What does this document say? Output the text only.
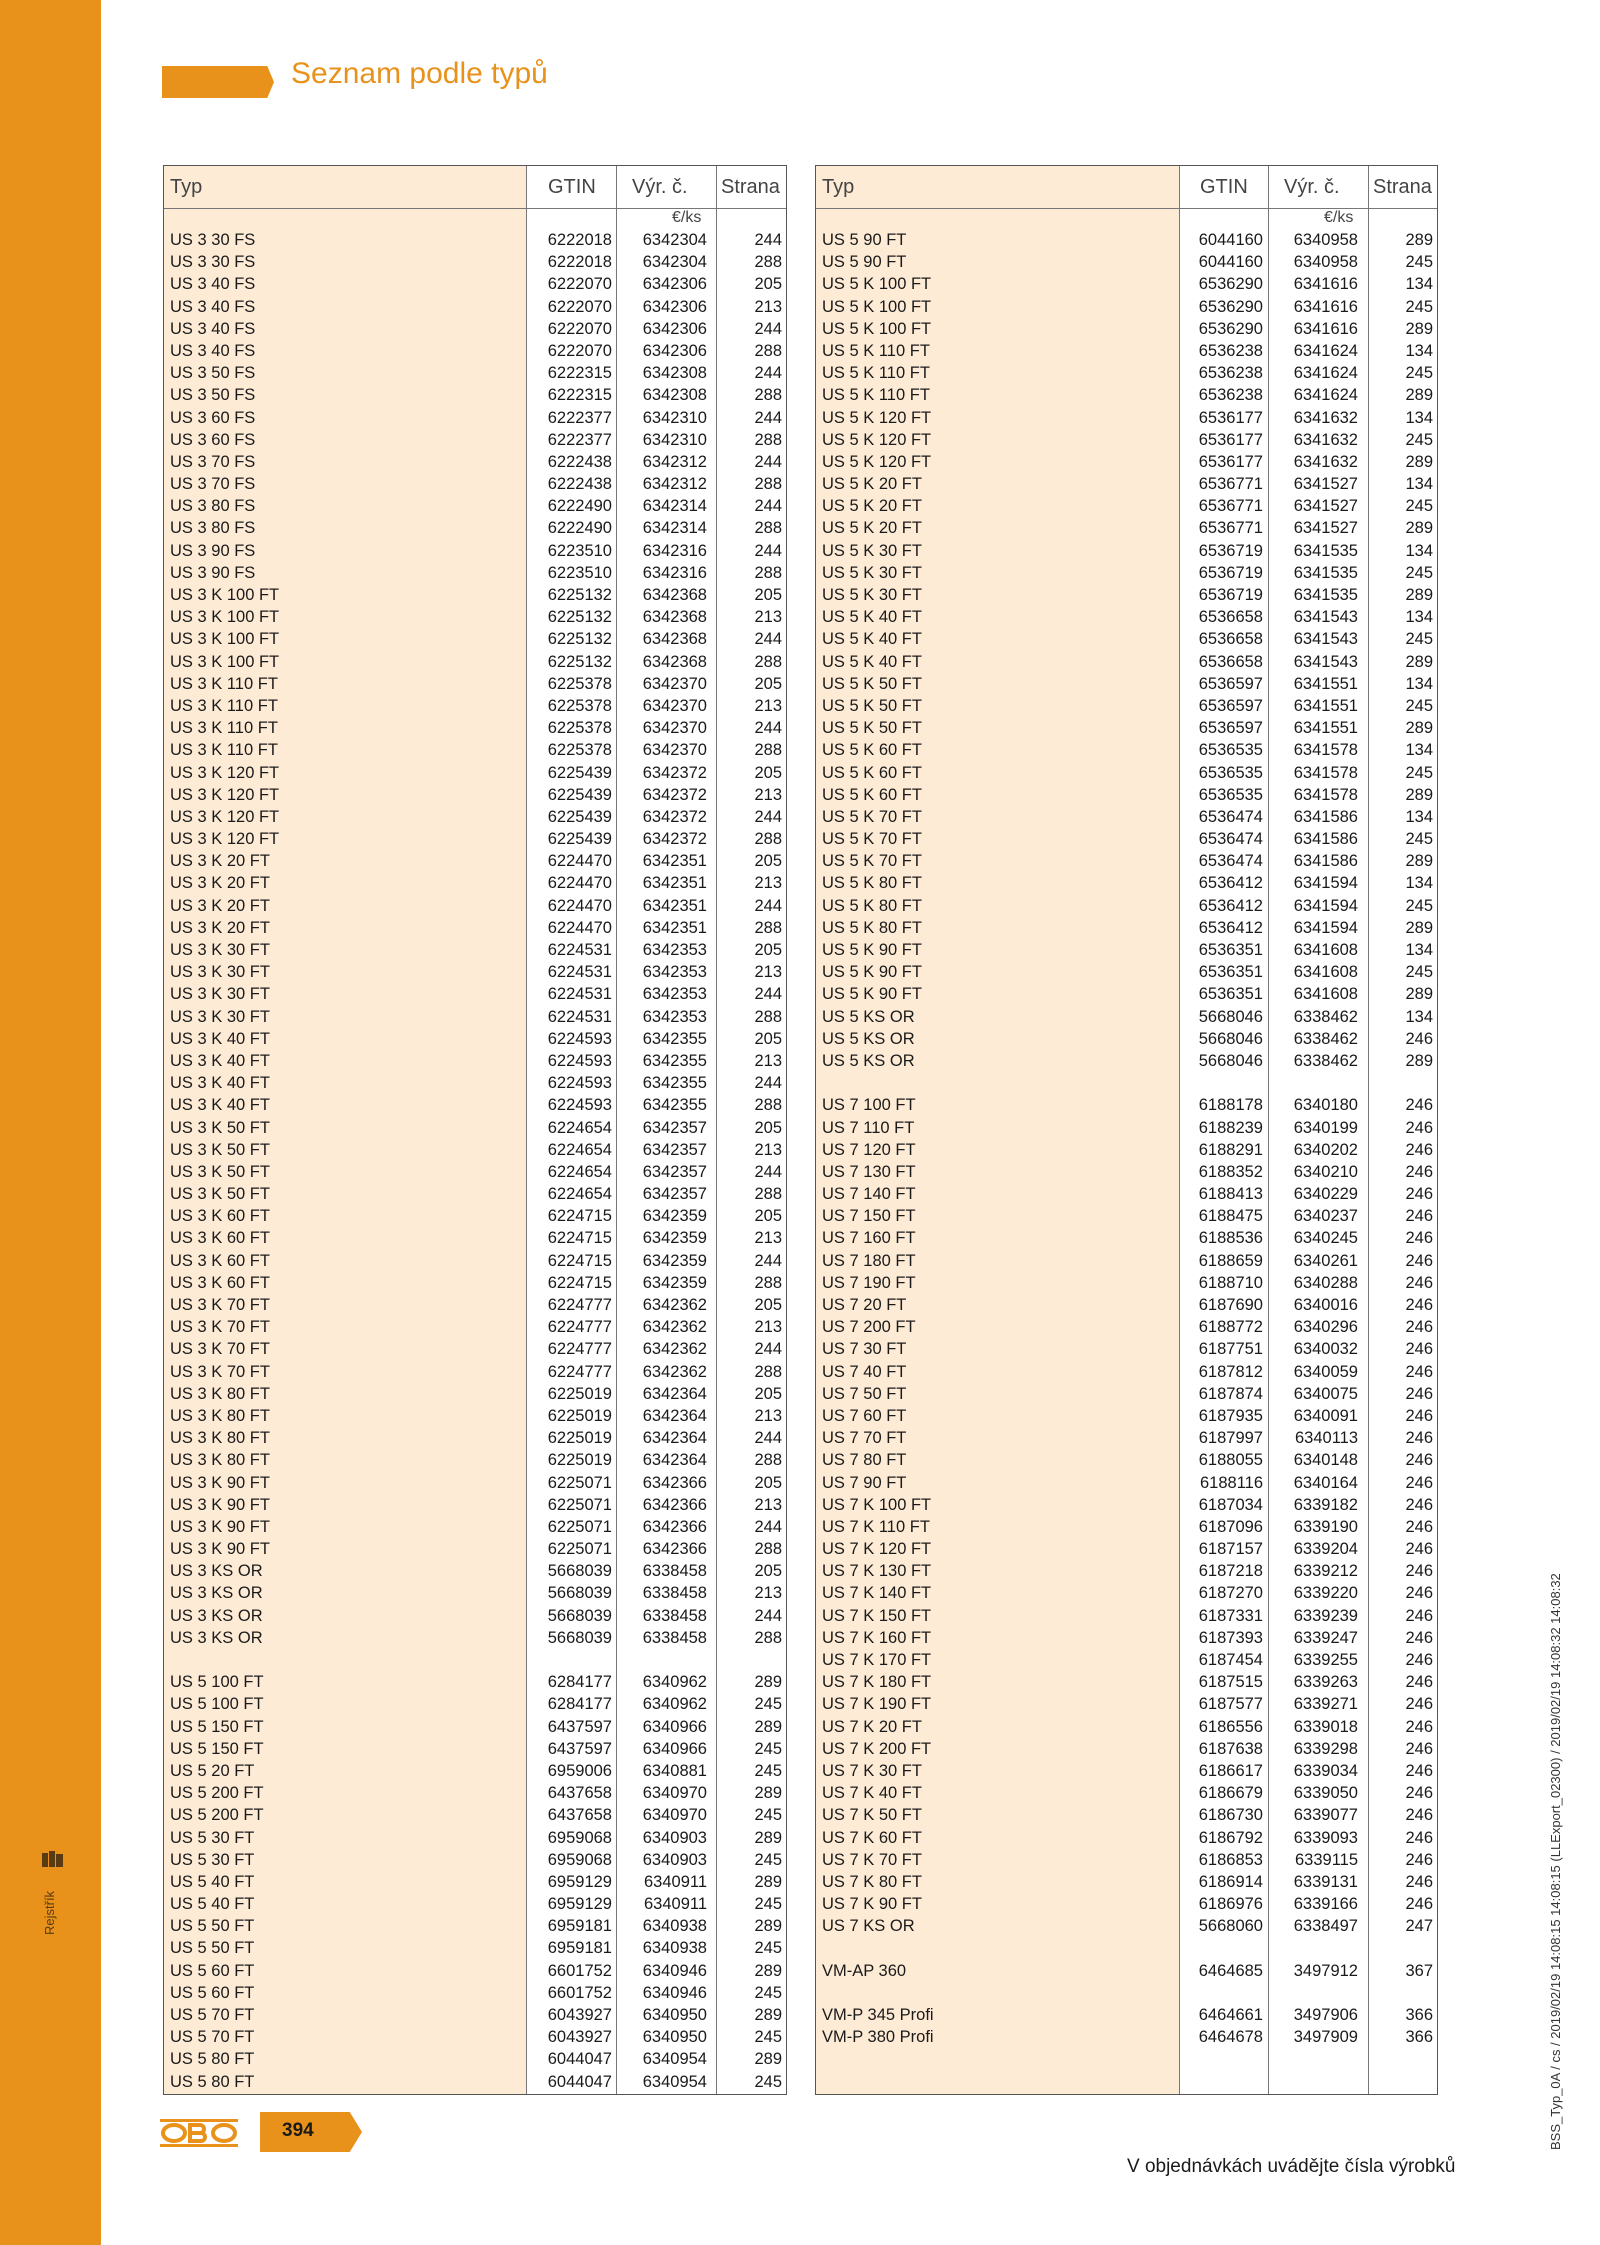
Rejstřík
Seznam podle typů
Typ	GTIN Výr. č. Strana
€/ks
US 3 30 FS	6222018 6342304	244
US 3 30 FS	6222018 6342304	288
US 3 40 FS	6222070 6342306	205
US 3 40 FS	6222070 6342306	213
US 3 40 FS	6222070 6342306	244
US 3 40 FS	6222070 6342306	288
US 3 50 FS	6222315 6342308	244
US 3 50 FS	6222315 6342308	288
US 3 60 FS	6222377 6342310	244
US 3 60 FS	6222377 6342310	288
US 3 70 FS	6222438 6342312	244
US 3 70 FS	6222438 6342312	288
US 3 80 FS	6222490 6342314	244
US 3 80 FS	6222490 6342314	288
US 3 90 FS	6223510 6342316	244
US 3 90 FS	6223510 6342316	288
US 3 K 100 FT	6225132 6342368	205
US 3 K 100 FT	6225132 6342368	213
US 3 K 100 FT	6225132 6342368	244
US 3 K 100 FT	6225132 6342368	288
US 3 K 110 FT	6225378 6342370	205
US 3 K 110 FT	6225378 6342370	213
US 3 K 110 FT	6225378 6342370	244
US 3 K 110 FT	6225378 6342370	288
US 3 K 120 FT	6225439 6342372	205
US 3 K 120 FT	6225439 6342372	213
US 3 K 120 FT	6225439 6342372	244
US 3 K 120 FT	6225439 6342372	288
US 3 K 20 FT	6224470 6342351	205
US 3 K 20 FT	6224470 6342351	213
US 3 K 20 FT	6224470 6342351	244
US 3 K 20 FT	6224470 6342351	288
US 3 K 30 FT	6224531 6342353	205
US 3 K 30 FT	6224531 6342353	213
US 3 K 30 FT	6224531 6342353	244
US 3 K 30 FT	6224531 6342353	288
US 3 K 40 FT	6224593 6342355	205
US 3 K 40 FT	6224593 6342355	213
US 3 K 40 FT	6224593 6342355	244
US 3 K 40 FT	6224593 6342355	288
US 3 K 50 FT	6224654 6342357	205
US 3 K 50 FT	6224654 6342357	213
US 3 K 50 FT	6224654 6342357	244
US 3 K 50 FT	6224654 6342357	288
US 3 K 60 FT	6224715 6342359	205
US 3 K 60 FT	6224715 6342359	213
US 3 K 60 FT	6224715 6342359	244
US 3 K 60 FT	6224715 6342359	288
US 3 K 70 FT	6224777 6342362	205
US 3 K 70 FT	6224777 6342362	213
US 3 K 70 FT	6224777 6342362	244
US 3 K 70 FT	6224777 6342362	288
US 3 K 80 FT	6225019 6342364	205
US 3 K 80 FT	6225019 6342364	213
US 3 K 80 FT	6225019 6342364	244
US 3 K 80 FT	6225019 6342364	288
US 3 K 90 FT	6225071 6342366	205
US 3 K 90 FT	6225071 6342366	213
US 3 K 90 FT	6225071 6342366	244
US 3 K 90 FT	6225071 6342366	288
US 3 KS OR	5668039 6338458	205
US 3 KS OR	5668039 6338458	213
US 3 KS OR	5668039 6338458	244
US 3 KS OR	5668039 6338458	288
US 5 100 FT	6284177 6340962	289
US 5 100 FT	6284177 6340962	245
US 5 150 FT	6437597 6340966	289
US 5 150 FT	6437597 6340966	245
US 5 20 FT	6959006 6340881	245
US 5 200 FT	6437658 6340970	289
US 5 200 FT	6437658 6340970	245
US 5 30 FT	6959068 6340903	289
US 5 30 FT	6959068 6340903	245
US 5 40 FT	6959129 6340911	289
US 5 40 FT	6959129 6340911	245
US 5 50 FT	6959181 6340938	289
US 5 50 FT	6959181 6340938	245
US 5 60 FT	6601752 6340946	289
US 5 60 FT	6601752 6340946	245
US 5 70 FT	6043927 6340950	289
US 5 70 FT	6043927 6340950	245
US 5 80 FT	6044047 6340954	289
US 5 80 FT	6044047 6340954	245
Typ	GTIN Výr. č. Strana
€/ks
US 5 90 FT	6044160 6340958	289
US 5 90 FT	6044160 6340958	245
US 5 K 100 FT	6536290 6341616	134
US 5 K 100 FT	6536290 6341616	245
US 5 K 100 FT	6536290 6341616	289
US 5 K 110 FT	6536238 6341624	134
US 5 K 110 FT	6536238 6341624	245
US 5 K 110 FT	6536238 6341624	289
US 5 K 120 FT	6536177 6341632	134
US 5 K 120 FT	6536177 6341632	245
US 5 K 120 FT	6536177 6341632	289
US 5 K 20 FT	6536771 6341527	134
US 5 K 20 FT	6536771 6341527	245
US 5 K 20 FT	6536771 6341527	289
US 5 K 30 FT	6536719 6341535	134
US 5 K 30 FT	6536719 6341535	245
US 5 K 30 FT	6536719 6341535	289
US 5 K 40 FT	6536658 6341543	134
US 5 K 40 FT	6536658 6341543	245
US 5 K 40 FT	6536658 6341543	289
US 5 K 50 FT	6536597 6341551	134
US 5 K 50 FT	6536597 6341551	245
US 5 K 50 FT	6536597 6341551	289
US 5 K 60 FT	6536535 6341578	134
US 5 K 60 FT	6536535 6341578	245
US 5 K 60 FT	6536535 6341578	289
US 5 K 70 FT	6536474 6341586	134
US 5 K 70 FT	6536474 6341586	245
US 5 K 70 FT	6536474 6341586	289
US 5 K 80 FT	6536412 6341594	134
US 5 K 80 FT	6536412 6341594	245
US 5 K 80 FT	6536412 6341594	289
US 5 K 90 FT	6536351 6341608	134
US 5 K 90 FT	6536351 6341608	245
US 5 K 90 FT	6536351 6341608	289
US 5 KS OR	5668046 6338462	134
US 5 KS OR	5668046 6338462	246
US 5 KS OR	5668046 6338462	289
US 7 100 FT	6188178 6340180	246
US 7 110 FT	6188239 6340199	246
US 7 120 FT	6188291 6340202	246
US 7 130 FT	6188352 6340210	246
US 7 140 FT	6188413 6340229	246
US 7 150 FT	6188475 6340237	246
US 7 160 FT	6188536 6340245	246
US 7 180 FT	6188659 6340261	246
US 7 190 FT	6188710 6340288	246
US 7 20 FT	6187690 6340016	246
US 7 200 FT	6188772 6340296	246
US 7 30 FT	6187751 6340032	246
US 7 40 FT	6187812 6340059	246
US 7 50 FT	6187874 6340075	246
US 7 60 FT	6187935 6340091	246
US 7 70 FT	6187997 6340113	246
US 7 80 FT	6188055 6340148	246
US 7 90 FT	6188116 6340164	246
US 7 K 100 FT	6187034 6339182	246
US 7 K 110 FT	6187096 6339190	246
US 7 K 120 FT	6187157 6339204	246
US 7 K 130 FT	6187218 6339212	246
US 7 K 140 FT	6187270 6339220	246
US 7 K 150 FT	6187331 6339239	246
US 7 K 160 FT	6187393 6339247	246
US 7 K 170 FT	6187454 6339255	246
US 7 K 180 FT	6187515 6339263	246
US 7 K 190 FT	6187577 6339271	246
US 7 K 20 FT	6186556 6339018	246
US 7 K 200 FT	6187638 6339298	246
US 7 K 30 FT	6186617 6339034	246
US 7 K 40 FT	6186679 6339050	246
US 7 K 50 FT	6186730 6339077	246
US 7 K 60 FT	6186792 6339093	246
US 7 K 70 FT	6186853 6339115	246
US 7 K 80 FT	6186914 6339131	246
US 7 K 90 FT	6186976 6339166	246
US 7 KS OR	5668060 6338497	247
VM-AP 360	6464685 3497912	367
VM-P 345 Profi	6464661 3497906	366
VM-P 380 Profi	6464678 3497909	366
394
V objednávkách uvádějte čísla výrobků
BSS_Typ_0A / cs / 2019/02/19 14:08:15 14:08:15 (LLExport_02300) / 2019/02/19 14:08:32 14:08:32
